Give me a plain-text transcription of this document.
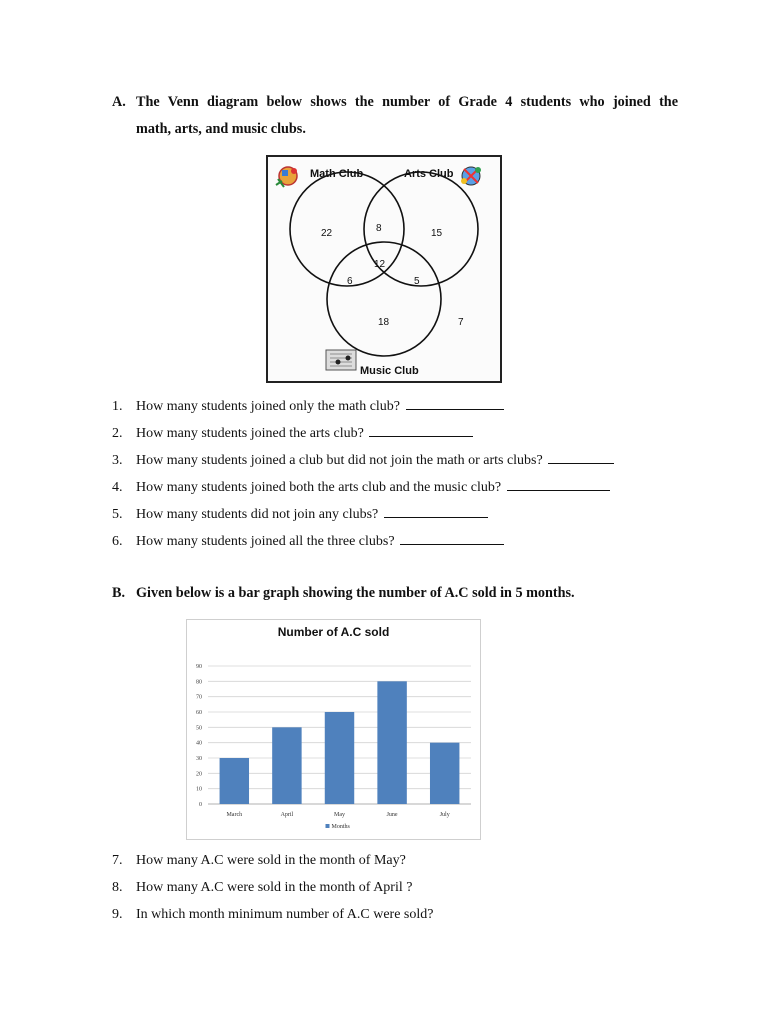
A. The Venn diagram below shows the number of Grade 4 students who joined the
math, arts, and music clubs.
Math Club	Arts Club
22	8	15
12
6	5
18	7
Music Club
1. How many students joined only the math club?
2. How many students joined the arts club?
3. How many students joined a club but did not join the math or arts clubs?
4. How many students joined both the arts club and the music club?
5. How many students did not join any clubs?
6. How many students joined all the three clubs?
B. Given below is a bar graph showing the number of A.C sold in 5 months.
Number of A.C sold
0
10
20
30
40
50
60
70
80
90
March	April	May	June	July
Months
7. How many A.C were sold in the month of May?
8. How many A.C were sold in the month of April ?
9. In which month minimum number of A.C were sold?
